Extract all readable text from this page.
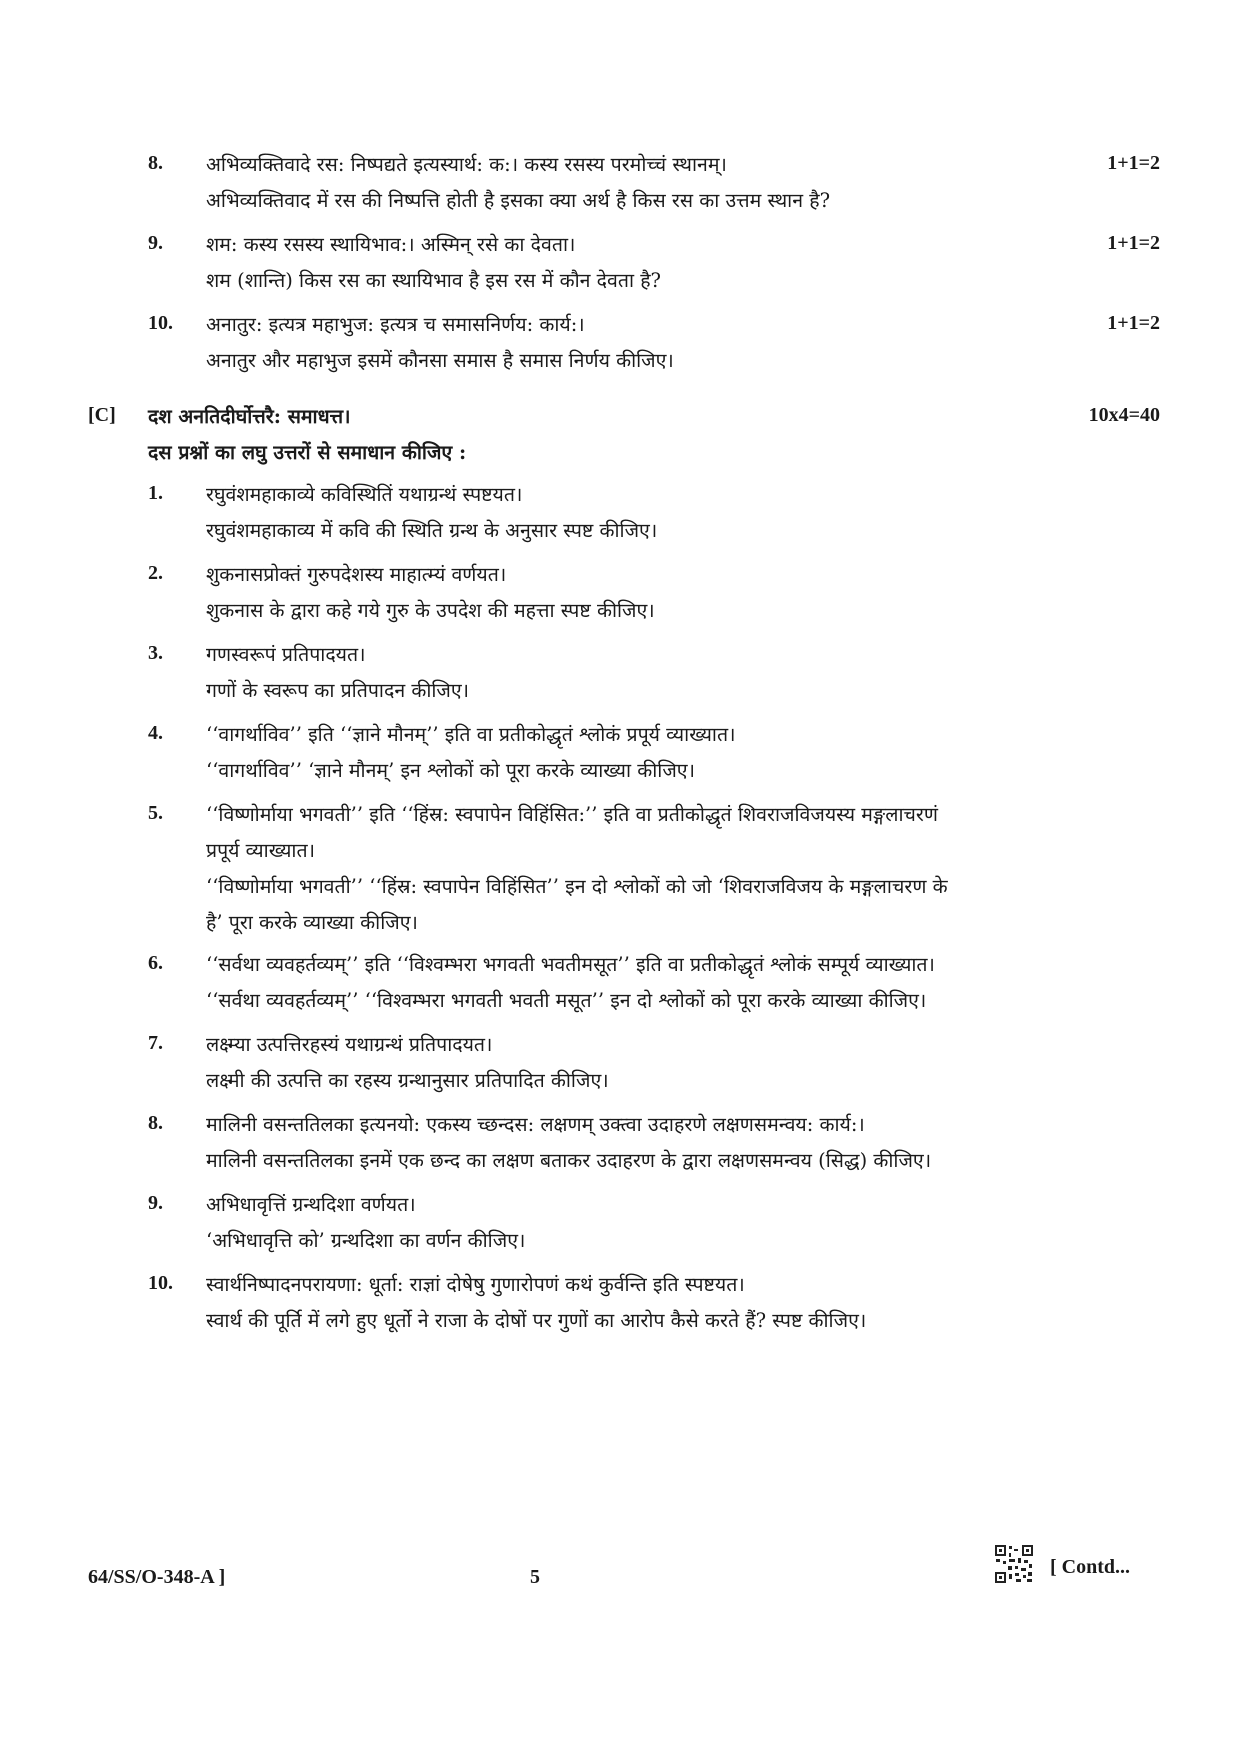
8. अभिव्यक्तिवादे रस: निष्पद्यते इत्यस्यार्थ: क:। कस्य रसस्य परमोच्चं स्थानम्।	1+1=2
अभिव्यक्तिवाद में रस की निष्पत्ति होती है इसका क्या अर्थ है किस रस का उत्तम स्थान है?
9. शम: कस्य रसस्य स्थायिभाव:। अस्मिन् रसे का देवता।	1+1=2
शम (शान्ति) किस रस का स्थायिभाव है इस रस में कौन देवता है?
10. अनातुर: इत्यत्र महाभुज: इत्यत्र च समासनिर्णय: कार्य:।	1+1=2
अनातुर और महाभुज इसमें कौनसा समास है समास निर्णय कीजिए।
[C] दश अनतिदीर्घोत्तरै: समाधत्त।	10x4=40
दस प्रश्नों का लघु उत्तरों से समाधान कीजिए :
1. रघुवंशमहाकाव्ये कविस्थितिं यथाग्रन्थं स्पष्टयत।
रघुवंशमहाकाव्य में कवि की स्थिति ग्रन्थ के अनुसार स्पष्ट कीजिए।
2. शुकनासप्रोक्तं गुरुपदेशस्य माहात्म्यं वर्णयत।
शुकनास के द्वारा कहे गये गुरु के उपदेश की महत्ता स्पष्ट कीजिए।
3. गणस्वरूपं प्रतिपादयत।
गणों के स्वरूप का प्रतिपादन कीजिए।
4. ‘‘वागर्थाविव’’ इति ‘‘ज्ञाने मौनम्’’ इति वा प्रतीकोद्धृतं श्लोकं प्रपूर्य व्याख्यात।
‘‘वागर्थाविव’’ ‘ज्ञाने मौनम्’ इन श्लोकों को पूरा करके व्याख्या कीजिए।
5. ‘‘विष्णोर्माया भगवती’’ इति ‘‘हिंस्र: स्वपापेन विहिंसित:’’ इति वा प्रतीकोद्धृतं शिवराजविजयस्य मङ्गलाचरणं
प्रपूर्य व्याख्यात।
‘‘विष्णोर्माया भगवती’’ ‘‘हिंस्र: स्वपापेन विहिंसित’’ इन दो श्लोकों को जो ‘शिवराजविजय के मङ्गलाचरण के
है’ पूरा करके व्याख्या कीजिए।
6. ‘‘सर्वथा व्यवहर्तव्यम्’’ इति ‘‘विश्वम्भरा भगवती भवतीमसूत’’ इति वा प्रतीकोद्धृतं श्लोकं सम्पूर्य व्याख्यात।
‘‘सर्वथा व्यवहर्तव्यम्’’ ‘‘विश्वम्भरा भगवती भवती मसूत’’ इन दो श्लोकों को पूरा करके व्याख्या कीजिए।
7. लक्ष्म्या उत्पत्तिरहस्यं यथाग्रन्थं प्रतिपादयत।
लक्ष्मी की उत्पत्ति का रहस्य ग्रन्थानुसार प्रतिपादित कीजिए।
8. मालिनी वसन्ततिलका इत्यनयो: एकस्य च्छन्दस: लक्षणम् उक्त्वा उदाहरणे लक्षणसमन्वय: कार्य:।
मालिनी वसन्ततिलका इनमें एक छन्द का लक्षण बताकर उदाहरण के द्वारा लक्षणसमन्वय (सिद्ध) कीजिए।
9. अभिधावृत्तिं ग्रन्थदिशा वर्णयत।
‘अभिधावृत्ति को’ ग्रन्थदिशा का वर्णन कीजिए।
10. स्वार्थनिष्पादनपरायणा: धूर्ता: राज्ञां दोषेषु गुणारोपणं कथं कुर्वन्ति इति स्पष्टयत।
स्वार्थ की पूर्ति में लगे हुए धूर्तो ने राजा के दोषों पर गुणों का आरोप कैसे करते हैं? स्पष्ट कीजिए।
64/SS/O-348-A ]	5	[ Contd...
